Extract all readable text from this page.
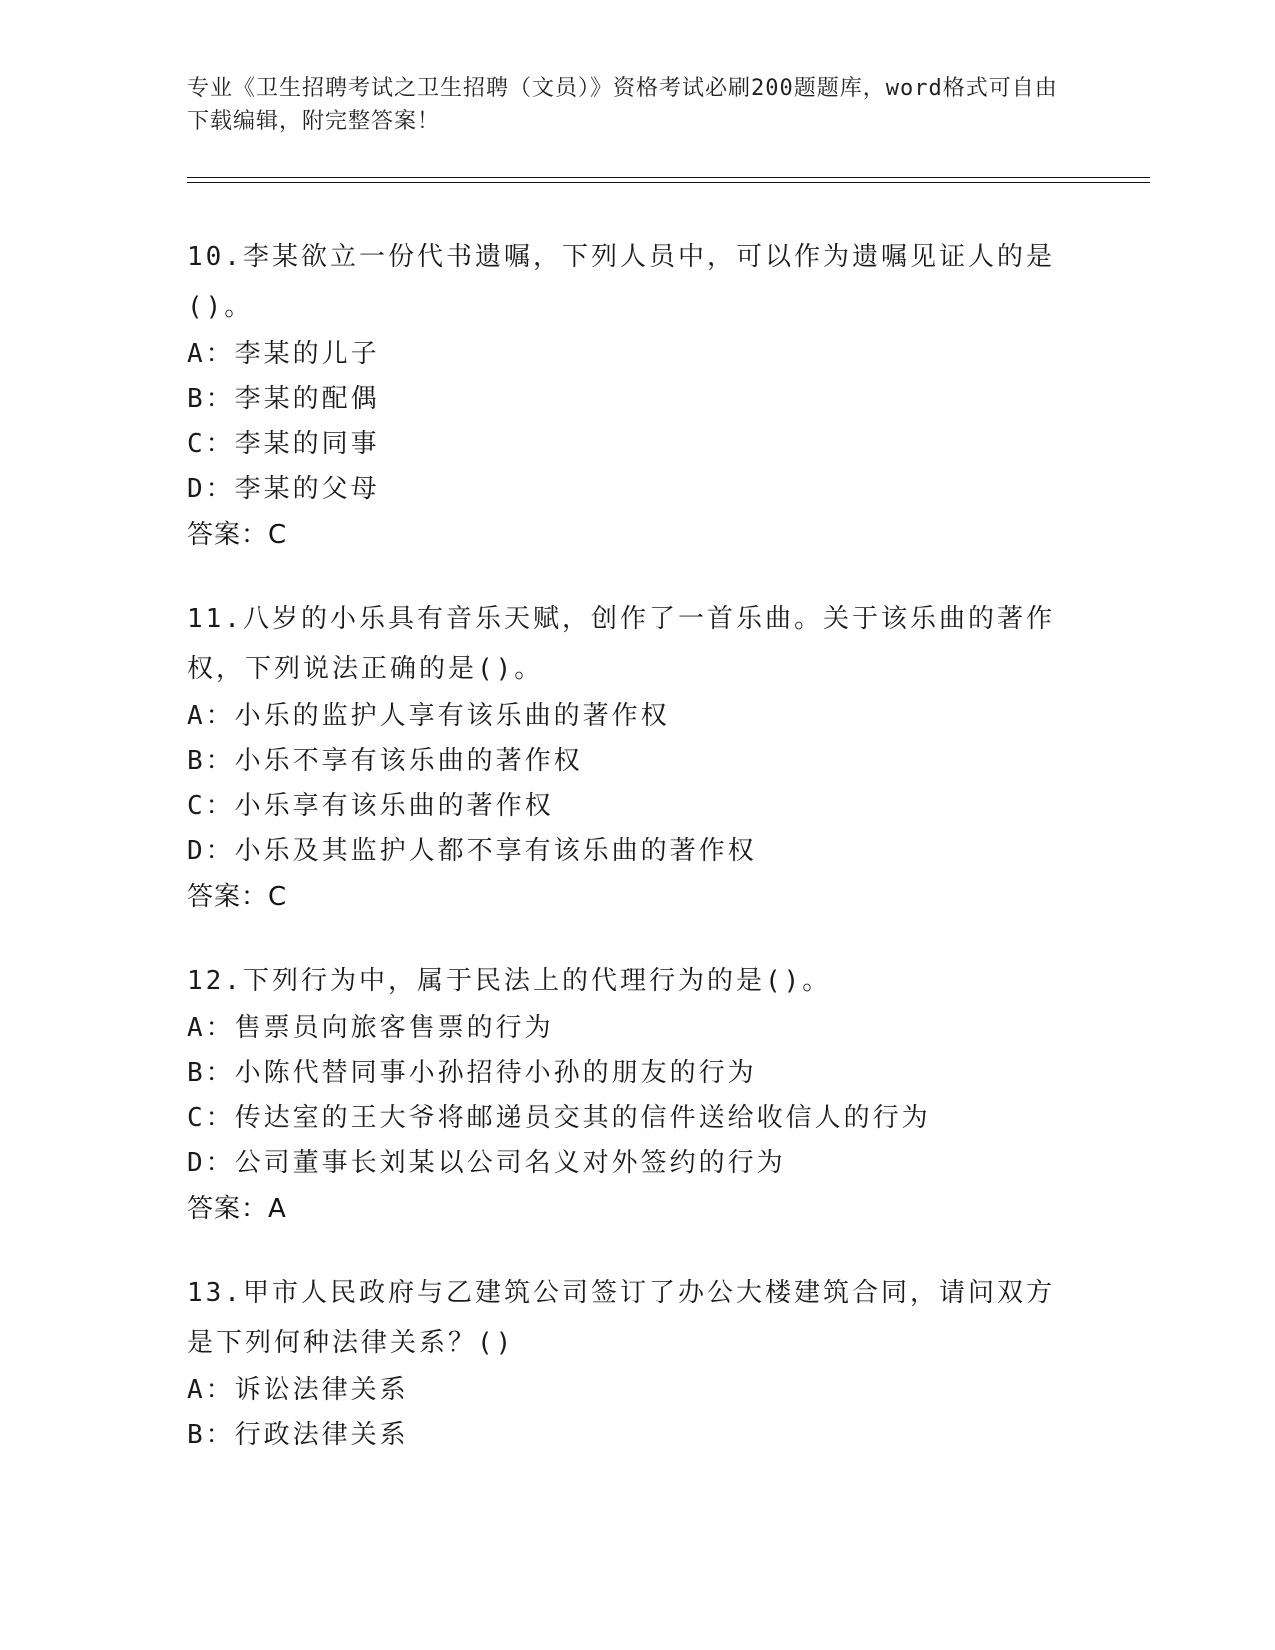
专业《卫生招聘考试之卫生招聘（文员）》资格考试必刷200题题库，word格式可自由下载编辑，附完整答案！
10.李某欲立一份代书遗嘱，下列人员中，可以作为遗嘱见证人的是()。
A：李某的儿子
B：李某的配偶
C：李某的同事
D：李某的父母
答案：C
11.八岁的小乐具有音乐天赋，创作了一首乐曲。关于该乐曲的著作权，下列说法正确的是()。
A：小乐的监护人享有该乐曲的著作权
B：小乐不享有该乐曲的著作权
C：小乐享有该乐曲的著作权
D：小乐及其监护人都不享有该乐曲的著作权
答案：C
12.下列行为中，属于民法上的代理行为的是()。
A：售票员向旅客售票的行为
B：小陈代替同事小孙招待小孙的朋友的行为
C：传达室的王大爷将邮递员交其的信件送给收信人的行为
D：公司董事长刘某以公司名义对外签约的行为
答案：A
13.甲市人民政府与乙建筑公司签订了办公大楼建筑合同，请问双方是下列何种法律关系？()
A：诉讼法律关系
B：行政法律关系
